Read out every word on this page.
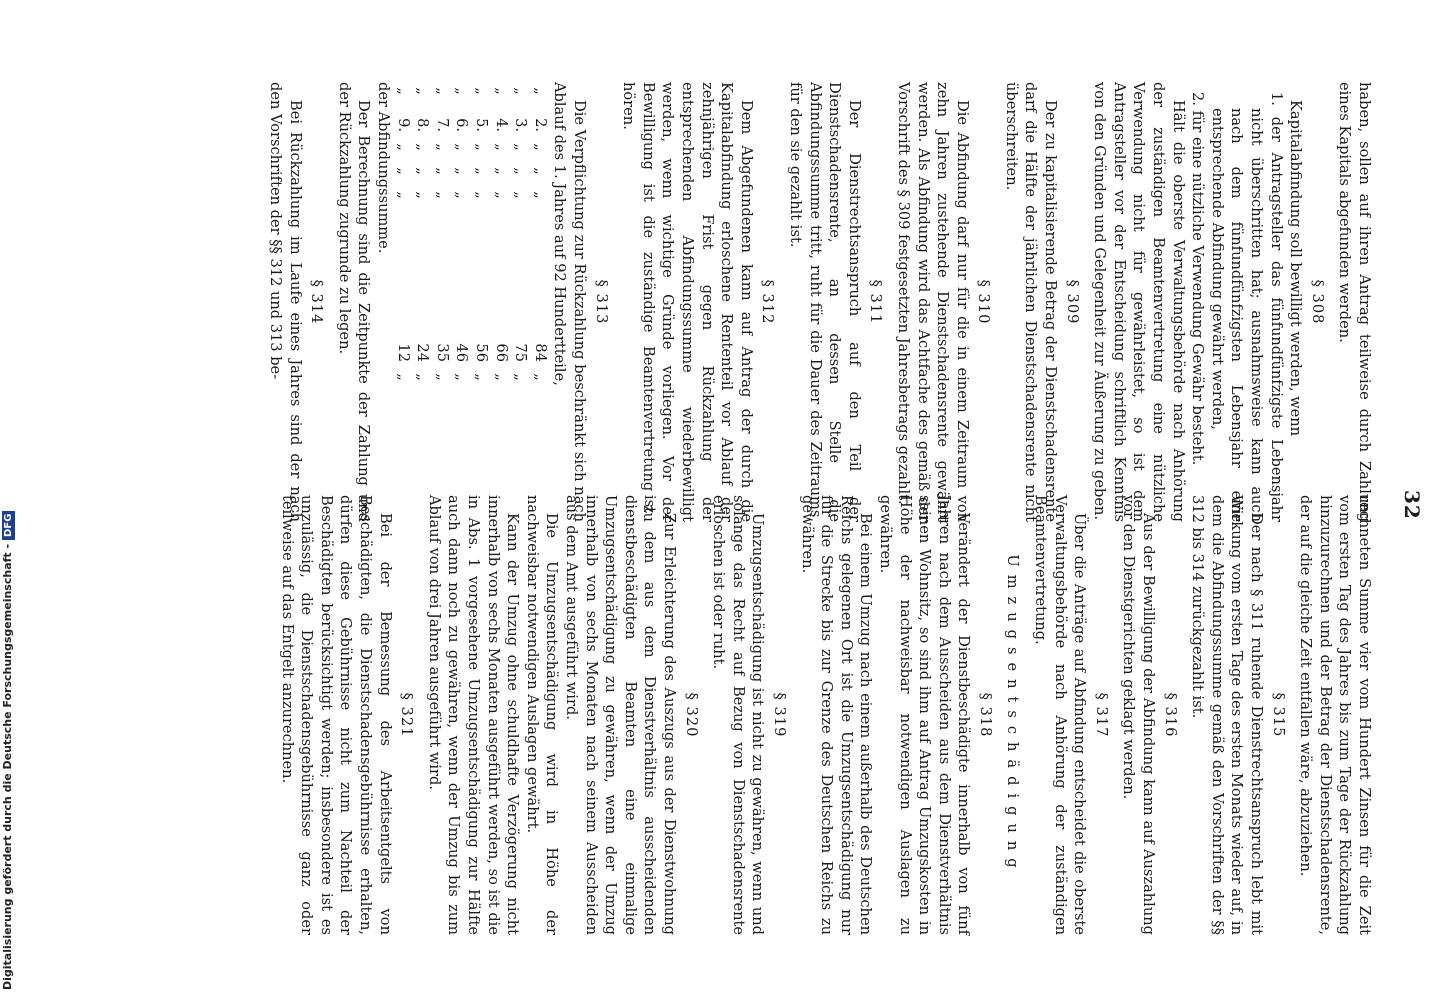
32

haben, sollen auf ihren Antrag teilweise durch Zahlung eines Kapitals abgefunden werden.

§ 308

Kapitalabfindung soll bewilligt werden, wenn

1. der Antragsteller das fünfundfünfzigste Lebensjahr nicht überschritten hat; ausnahmsweise kann auch nach dem fünfundfünfzigsten Lebensjahr eine entsprechende Abfindung gewährt werden,

2. für eine nützliche Verwendung Gewähr besteht.

Hält die oberste Verwaltungsbehörde nach Anhörung der zuständigen Beamtenvertretung eine nützliche Verwendung nicht für gewährleistet, so ist dem Antragsteller vor der Entscheidung schriftlich Kenntnis von den Gründen und Gelegenheit zur Äußerung zu geben.

§ 309

Der zu kapitalisierende Betrag der Dienstschadensrente darf die Hälfte der jährlichen Dienstschadensrente nicht überschreiten.

§ 310

Die Abfindung darf nur für die in einem Zeitraum von zehn Jahren zustehende Dienstschadensrente gewährt werden. Als Abfindung wird das Achtfache des gemäß der Vorschrift des § 309 festgesetzten Jahresbetrags gezahlt.

§ 311

Der Dienstrechtsanspruch auf den Teil der Dienstschadensrente, an dessen Stelle die Abfindungssumme tritt, ruht für die Dauer des Zeitraums, für den sie gezahlt ist.

§ 312

Dem Abgefundenen kann auf Antrag der durch die Kapitalabfindung erloschene Rententeil vor Ablauf der zehnjährigen Frist gegen Rückzahlung der entsprechenden Abfindungssumme wiederbewilligt werden, wenn wichtige Gründe vorliegen. Vor der Bewilligung ist die zuständige Beamtenvertretung zu hören.

§ 313

Die Verpflichtung zur Rückzahlung beschränkt sich nach Ablauf des 1. Jahres auf 92 Hundertteile,

„	2.	„	„	„		84	„
„	3.	„	„	„		75	„
„	4.	„	„	„		66	„
„	5.	„	„	„		56	„
„	6.	„	„	„		46	„
„	7.	„	„	„		35	„
„	8.	„	„	„		24	„
„	9.	„	„	„		12	„

der Abfindungssumme.

Der Berechnung sind die Zeitpunkte der Zahlung und der Rückzahlung zugrunde zu legen.

§ 314

Bei Rückzahlung im Laufe eines Jahres sind der nach den Vorschriften der §§ 312 und 313 be-

rechneten Summe vier vom Hundert Zinsen für die Zeit vom ersten Tag des Jahres bis zum Tage der Rückzahlung hinzuzurechnen und der Betrag der Dienstschadensrente, der auf die gleiche Zeit entfallen wäre, abzuziehen.

§ 315

Der nach § 311 ruhende Dienstrechtsanspruch lebt mit Wirkung vom ersten Tage des ersten Monats wieder auf, in dem die Abfindungssumme gemäß den Vorschriften der §§ 312 bis 314 zurückgezahlt ist.

§ 316

Aus der Bewilligung der Abfindung kann auf Auszahlung vor den Dienstgerichten geklagt werden.

§ 317

Über die Anträge auf Abfindung entscheidet die oberste Verwaltungsbehörde nach Anhörung der zuständigen Beamtenvertretung.

Umzugsentschädigung
§ 318

Verändert der Dienstbeschädigte innerhalb von fünf Jahren nach dem Ausscheiden aus dem Dienstverhältnis seinen Wohnsitz, so sind ihm auf Antrag Umzugskosten in Höhe der nachweisbar notwendigen Auslagen zu gewähren.

Bei einem Umzug nach einem außerhalb des Deutschen Reichs gelegenen Ort ist die Umzugsentschädigung nur für die Strecke bis zur Grenze des Deutschen Reichs zu gewähren.

§ 319

Umzugsentschädigung ist nicht zu gewähren, wenn und solange das Recht auf Bezug von Dienstschadensrente erloschen ist oder ruht.

§ 320

Zur Erleichterung des Auszugs aus der Dienstwohnung ist dem aus dem Dienstverhältnis ausscheidenden dienstbeschädigten Beamten eine einmalige Umzugsentschädigung zu gewähren, wenn der Umzug innerhalb von sechs Monaten nach seinem Ausscheiden aus dem Amt ausgeführt wird.

Die Umzugsentschädigung wird in Höhe der nachweisbar notwendigen Auslagen gewährt.

Kann der Umzug ohne schuldhafte Verzögerung nicht innerhalb von sechs Monaten ausgeführt werden, so ist die in Abs. 1 vorgesehene Umzugsentschädigung zur Hälfte auch dann noch zu gewähren, wenn der Umzug bis zum Ablauf von drei Jahren ausgeführt wird.

§ 321

Bei der Bemessung des Arbeitsentgelts von Beschädigten, die Dienstschadensgebührnisse erhalten, dürfen diese Gebührnisse nicht zum Nachteil der Beschädigten berücksichtigt werden; insbesondere ist es unzulässig, die Dienstschadensgebührnisse ganz oder teilweise auf das Entgelt anzurechnen.

Digitalisierung gefördert durch die Deutsche Forschungsgemeinschaft -DFG
